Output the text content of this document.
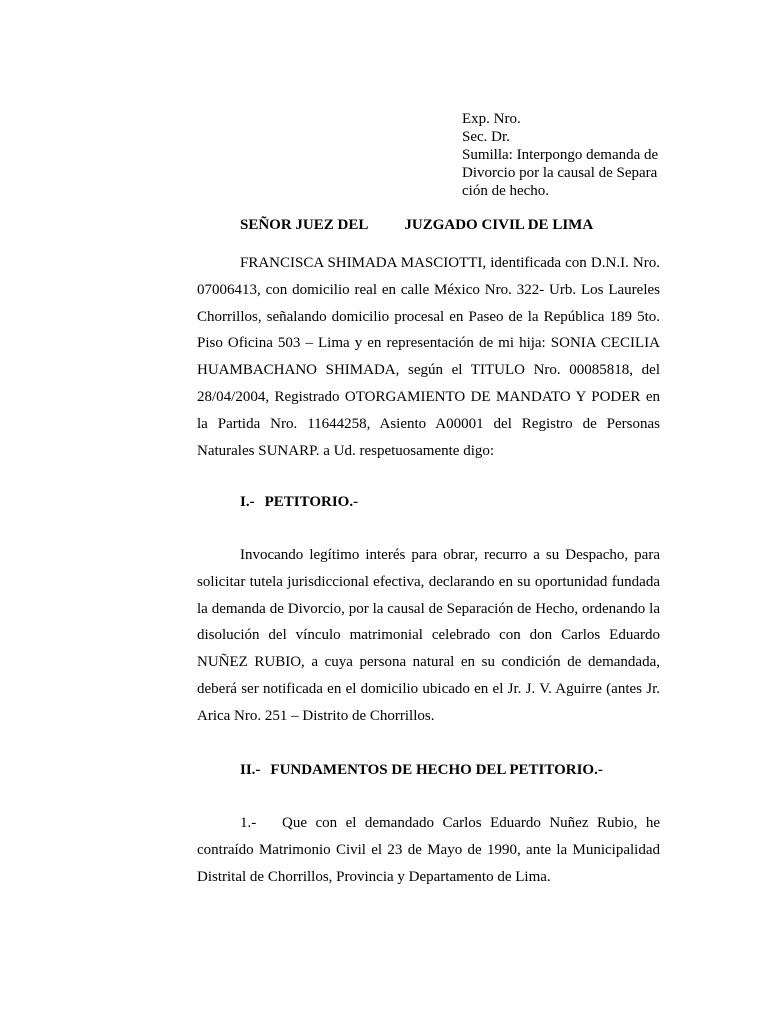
Exp. Nro.
Sec. Dr.
Sumilla: Interpongo demanda de
Divorcio por la causal de Separa
ción de hecho.
SEÑOR JUEZ DEL JUZGADO CIVIL DE LIMA
FRANCISCA SHIMADA MASCIOTTI, identificada con D.N.I. Nro.
07006413, con domicilio real en calle México Nro. 322- Urb. Los Laureles
Chorrillos, señalando domicilio procesal en Paseo de la República 189 5to.
Piso Oficina 503 – Lima y en representación de mi hija: SONIA CECILIA
HUAMBACHANO SHIMADA, según el TITULO Nro. 00085818, del
28/04/2004, Registrado OTORGAMIENTO DE MANDATO Y PODER en
la Partida Nro. 11644258, Asiento A00001 del Registro de Personas
Naturales SUNARP. a Ud. respetuosamente digo:
I.- PETITORIO.-
Invocando legítimo interés para obrar, recurro a su Despacho, para
solicitar tutela jurisdiccional efectiva, declarando en su oportunidad fundada
la demanda de Divorcio, por la causal de Separación de Hecho, ordenando la
disolución del vínculo matrimonial celebrado con don Carlos Eduardo
NUÑEZ RUBIO, a cuya persona natural en su condición de demandada,
deberá ser notificada en el domicilio ubicado en el Jr. J. V. Aguirre (antes Jr.
Arica Nro. 251 – Distrito de Chorrillos.
II.- FUNDAMENTOS DE HECHO DEL PETITORIO.-
1.-	Que con el demandado Carlos Eduardo Nuñez Rubio, he
contraído Matrimonio Civil el 23 de Mayo de 1990, ante la Municipalidad
Distrital de Chorrillos, Provincia y Departamento de Lima.
